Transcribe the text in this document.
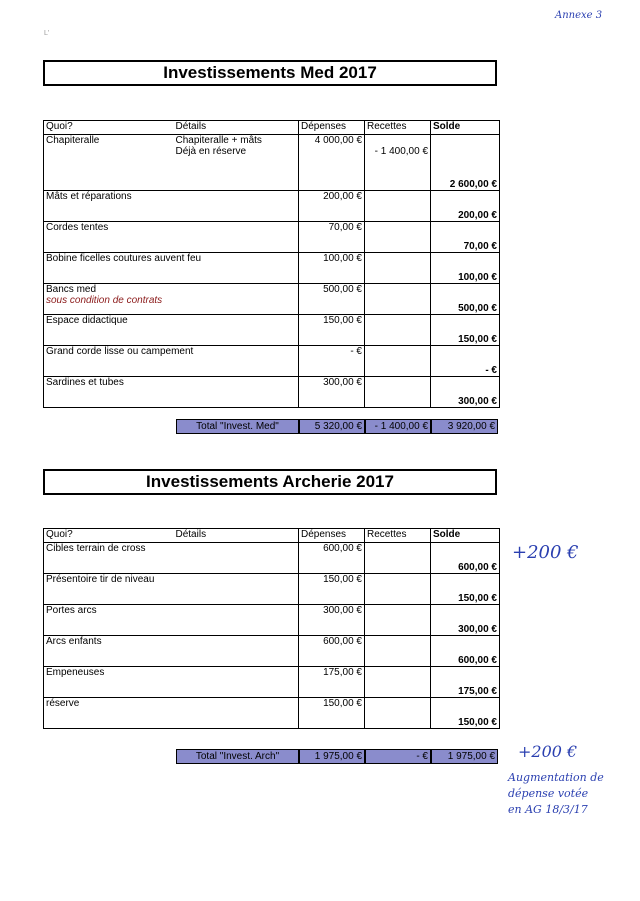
Annexe 3
L'
Investissements Med 2017
Quoi?	Détails	Dépenses	Recettes	Solde

Chapiteralle	Chapiteralle + mâts
Déjà en réserve	4 000,00 €	- 1 400,00 €	2 600,00 €

Mâts et réparations		200,00 €		200,00 €

Cordes tentes		70,00 €		70,00 €

Bobine ficelles coutures auvent feu		100,00 €		100,00 €

Bancs med
sous condition de contrats		500,00 €		500,00 €

Espace didactique		150,00 €		150,00 €

Grand corde lisse ou campement		- €		- €

Sardines et tubes		300,00 €		300,00 €
Total "Invest. Med"	5 320,00 €	- 1 400,00 €	3 920,00 €
Investissements Archerie 2017
Quoi?	Détails	Dépenses	Recettes	Solde

Cibles terrain de cross		600,00 €		600,00 €

Présentoire tir de niveau		150,00 €		150,00 €

Portes arcs		300,00 €		300,00 €

Arcs enfants		600,00 €		600,00 €

Empeneuses		175,00 €		175,00 €

réserve		150,00 €		150,00 €
Total "Invest. Arch"	1 975,00 €	- €	1 975,00 €
+200 €
+200 €
Augmentation de
dépense votée
en AG 18/3/17
